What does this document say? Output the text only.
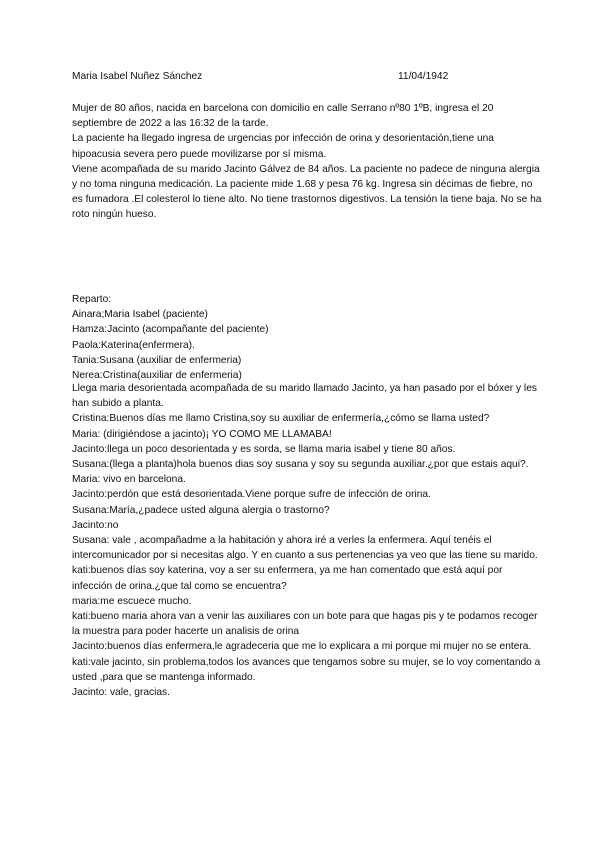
Maria Isabel Nuñez Sánchez	11/04/1942

Mujer de 80 años, nacida en barcelona con domicilio en calle Serrano nº80 1ºB, ingresa el 20 septiembre de 2022 a las 16:32 de la tarde.

La paciente ha llegado ingresa de urgencias por infección de orina y desorientación,tiene una hipoacusia severa pero puede movilizarse por sí misma.

Viene acompañada de su marido Jacinto Gálvez de 84 años. La paciente no padece de ninguna alergia y no toma ninguna medicación. La paciente mide 1.68 y pesa 76 kg. Ingresa sin décimas de fiebre, no es fumadora .El colesterol lo tiene alto. No tiene trastornos digestivos. La tensión la tiene baja. No se ha roto ningún hueso.

Reparto:

Ainara;Maria Isabel (paciente)

Hamza:Jacinto (acompañante del paciente)

Paola:Katerina(enfermera).

Tania:Susana (auxiliar de enfermeria)

Nerea:Cristina(auxiliar de enfermeria)

Llega maria desorientada acompañada de su marido llamado Jacinto, ya han pasado por el bóxer y les han subido a planta.

Cristina:Buenos días me llamo Cristina,soy su auxiliar de enfermería,¿cómo se llama usted?

Maria: (dirigiéndose a jacinto)¡ YO COMO ME LLAMABA!

Jacinto:llega un poco desorientada y es sorda, se llama maria isabel y tiene 80 años.

Susana:(llega a planta)hola buenos dias soy susana y soy su segunda auxiliar.¿por que estais aqui?.

Maria: vivo en barcelona.

Jacinto:perdón que está desorientada.Viene porque sufre de infección de orina.

Susana:María,¿padece usted alguna alergia o trastorno?

Jacinto:no

Susana: vale , acompañadme a la habitación y ahora iré a verles la enfermera. Aquí tenéis el intercomunicador por si necesitas algo. Y en cuanto a sus pertenencias ya veo que las tiene su marido.

kati:buenos días soy katerina, voy a ser su enfermera, ya me han comentado que está aquí por infección de orina.¿que tal como se encuentra?

maria:me escuece mucho.

kati:bueno maria ahora van a venir las auxiliares con un bote para que hagas pis y te podamos recoger la muestra para poder hacerte un analisis de orina

Jacinto:buenos días enfermera,le agradeceria que me lo explicara a mi porque mi mujer no se entera.

kati:vale jacinto, sin problema,todos los avances que tengamos sobre su mujer, se lo voy comentando a usted ,para que se mantenga informado.

Jacinto: vale, gracias.
